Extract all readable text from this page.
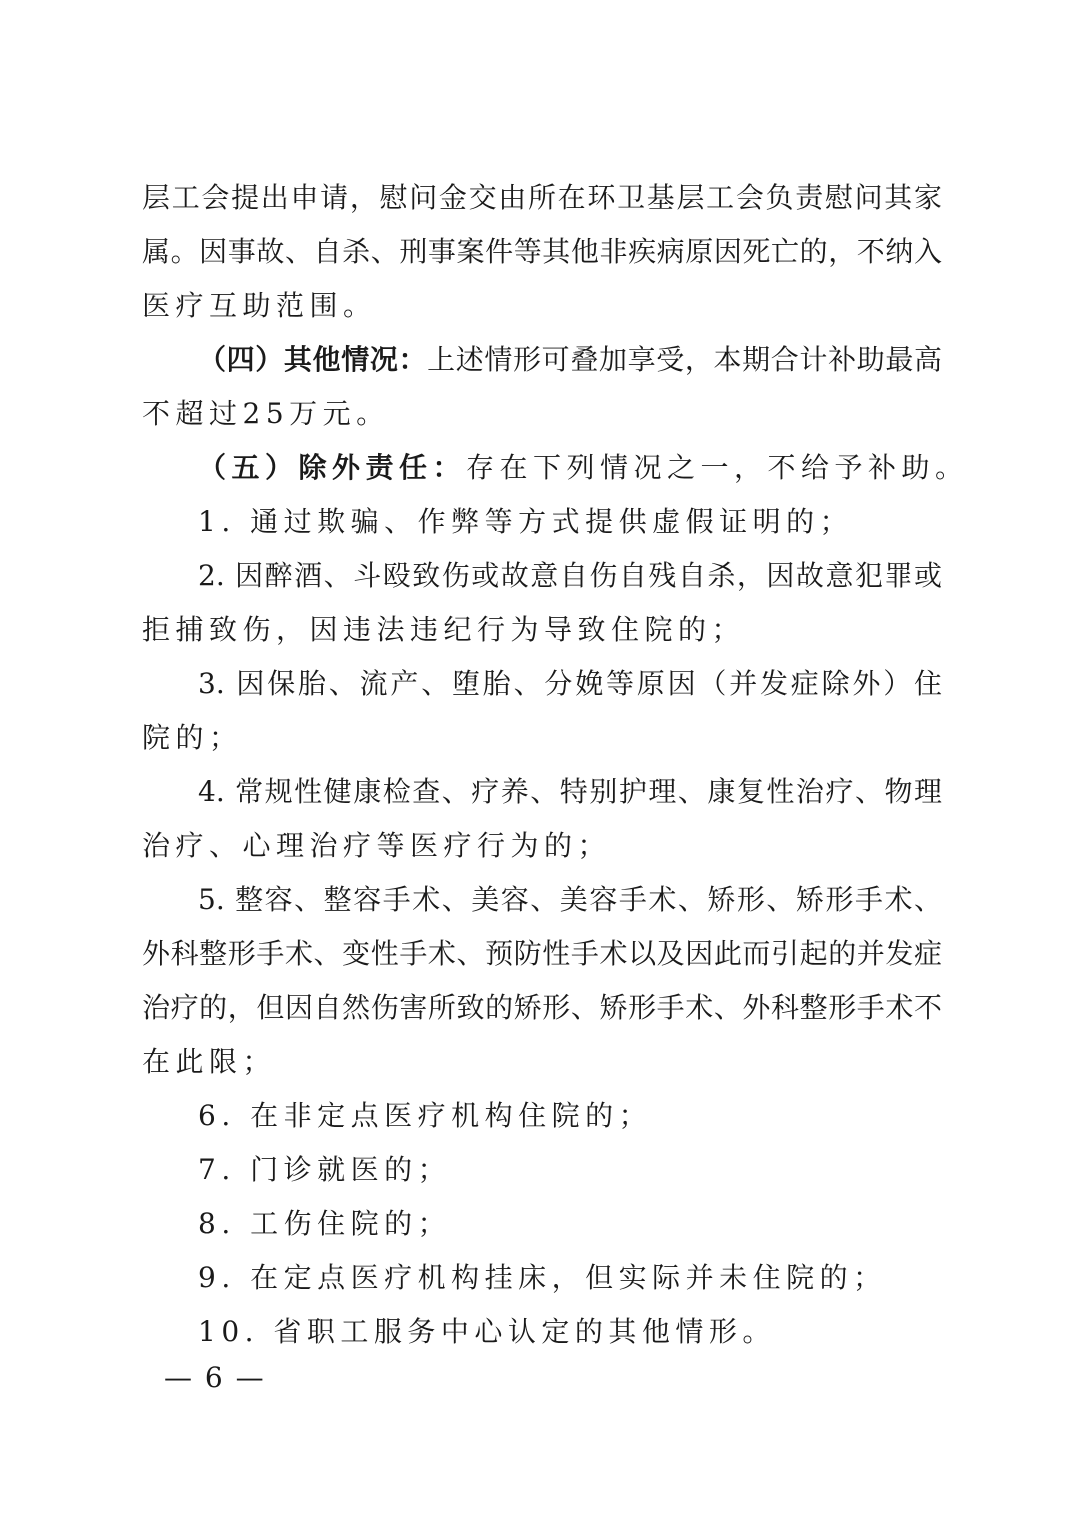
层工会提出申请，慰问金交由所在环卫基层工会负责慰问其家
属。因事故、自杀、刑事案件等其他非疾病原因死亡的，不纳入
医疗互助范围。
（四）其他情况：上述情形可叠加享受，本期合计补助最高
不超过25万元。
（五）除外责任：存在下列情况之一，不给予补助。
1. 通过欺骗、作弊等方式提供虚假证明的；
2. 因醉酒、斗殴致伤或故意自伤自残自杀，因故意犯罪或
拒捕致伤，因违法违纪行为导致住院的；
3. 因保胎、流产、堕胎、分娩等原因（并发症除外）住
院的；
4. 常规性健康检查、疗养、特别护理、康复性治疗、物理
治疗、心理治疗等医疗行为的；
5. 整容、整容手术、美容、美容手术、矫形、矫形手术、
外科整形手术、变性手术、预防性手术以及因此而引起的并发症
治疗的，但因自然伤害所致的矫形、矫形手术、外科整形手术不
在此限；
6. 在非定点医疗机构住院的；
7. 门诊就医的；
8. 工伤住院的；
9. 在定点医疗机构挂床，但实际并未住院的；
10. 省职工服务中心认定的其他情形。
— 6 —
